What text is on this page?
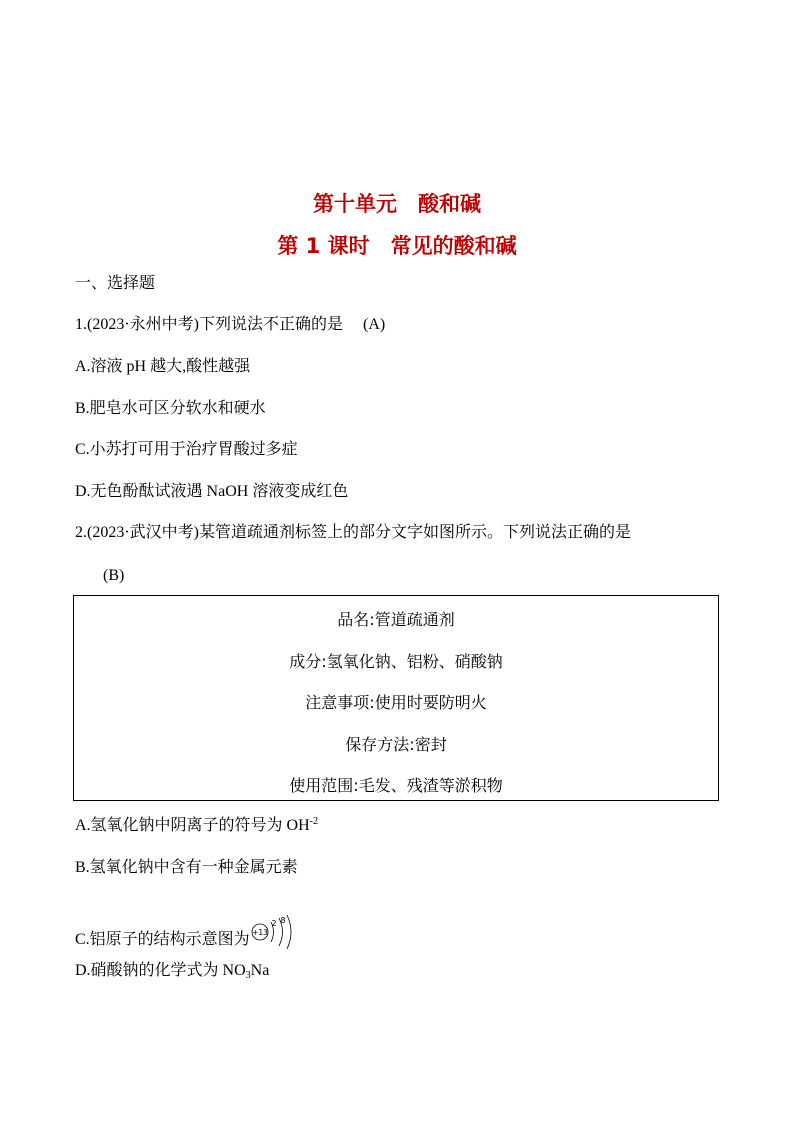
第十单元　酸和碱
第 1 课时　常见的酸和碱
一、选择题
1.(2023·永州中考)下列说法不正确的是　 (A)
A.溶液 pH 越大,酸性越强
B.肥皂水可区分软水和硬水
C.小苏打可用于治疗胃酸过多症
D.无色酚酞试液遇 NaOH 溶液变成红色
2.(2023·武汉中考)某管道疏通剂标签上的部分文字如图所示。下列说法正确的是
(B)
品名:管道疏通剂
成分:氢氧化钠、铝粉、硝酸钠
注意事项:使用时要防明火
保存方法:密封
使用范围:毛发、残渣等淤积物
A.氢氧化钠中阴离子的符号为 $OH^{-2}$
B.氢氧化钠中含有一种金属元素
C.铝原子的结构示意图为 +13
2 8
D.硝酸钠的化学式为 $NO_3Na$
